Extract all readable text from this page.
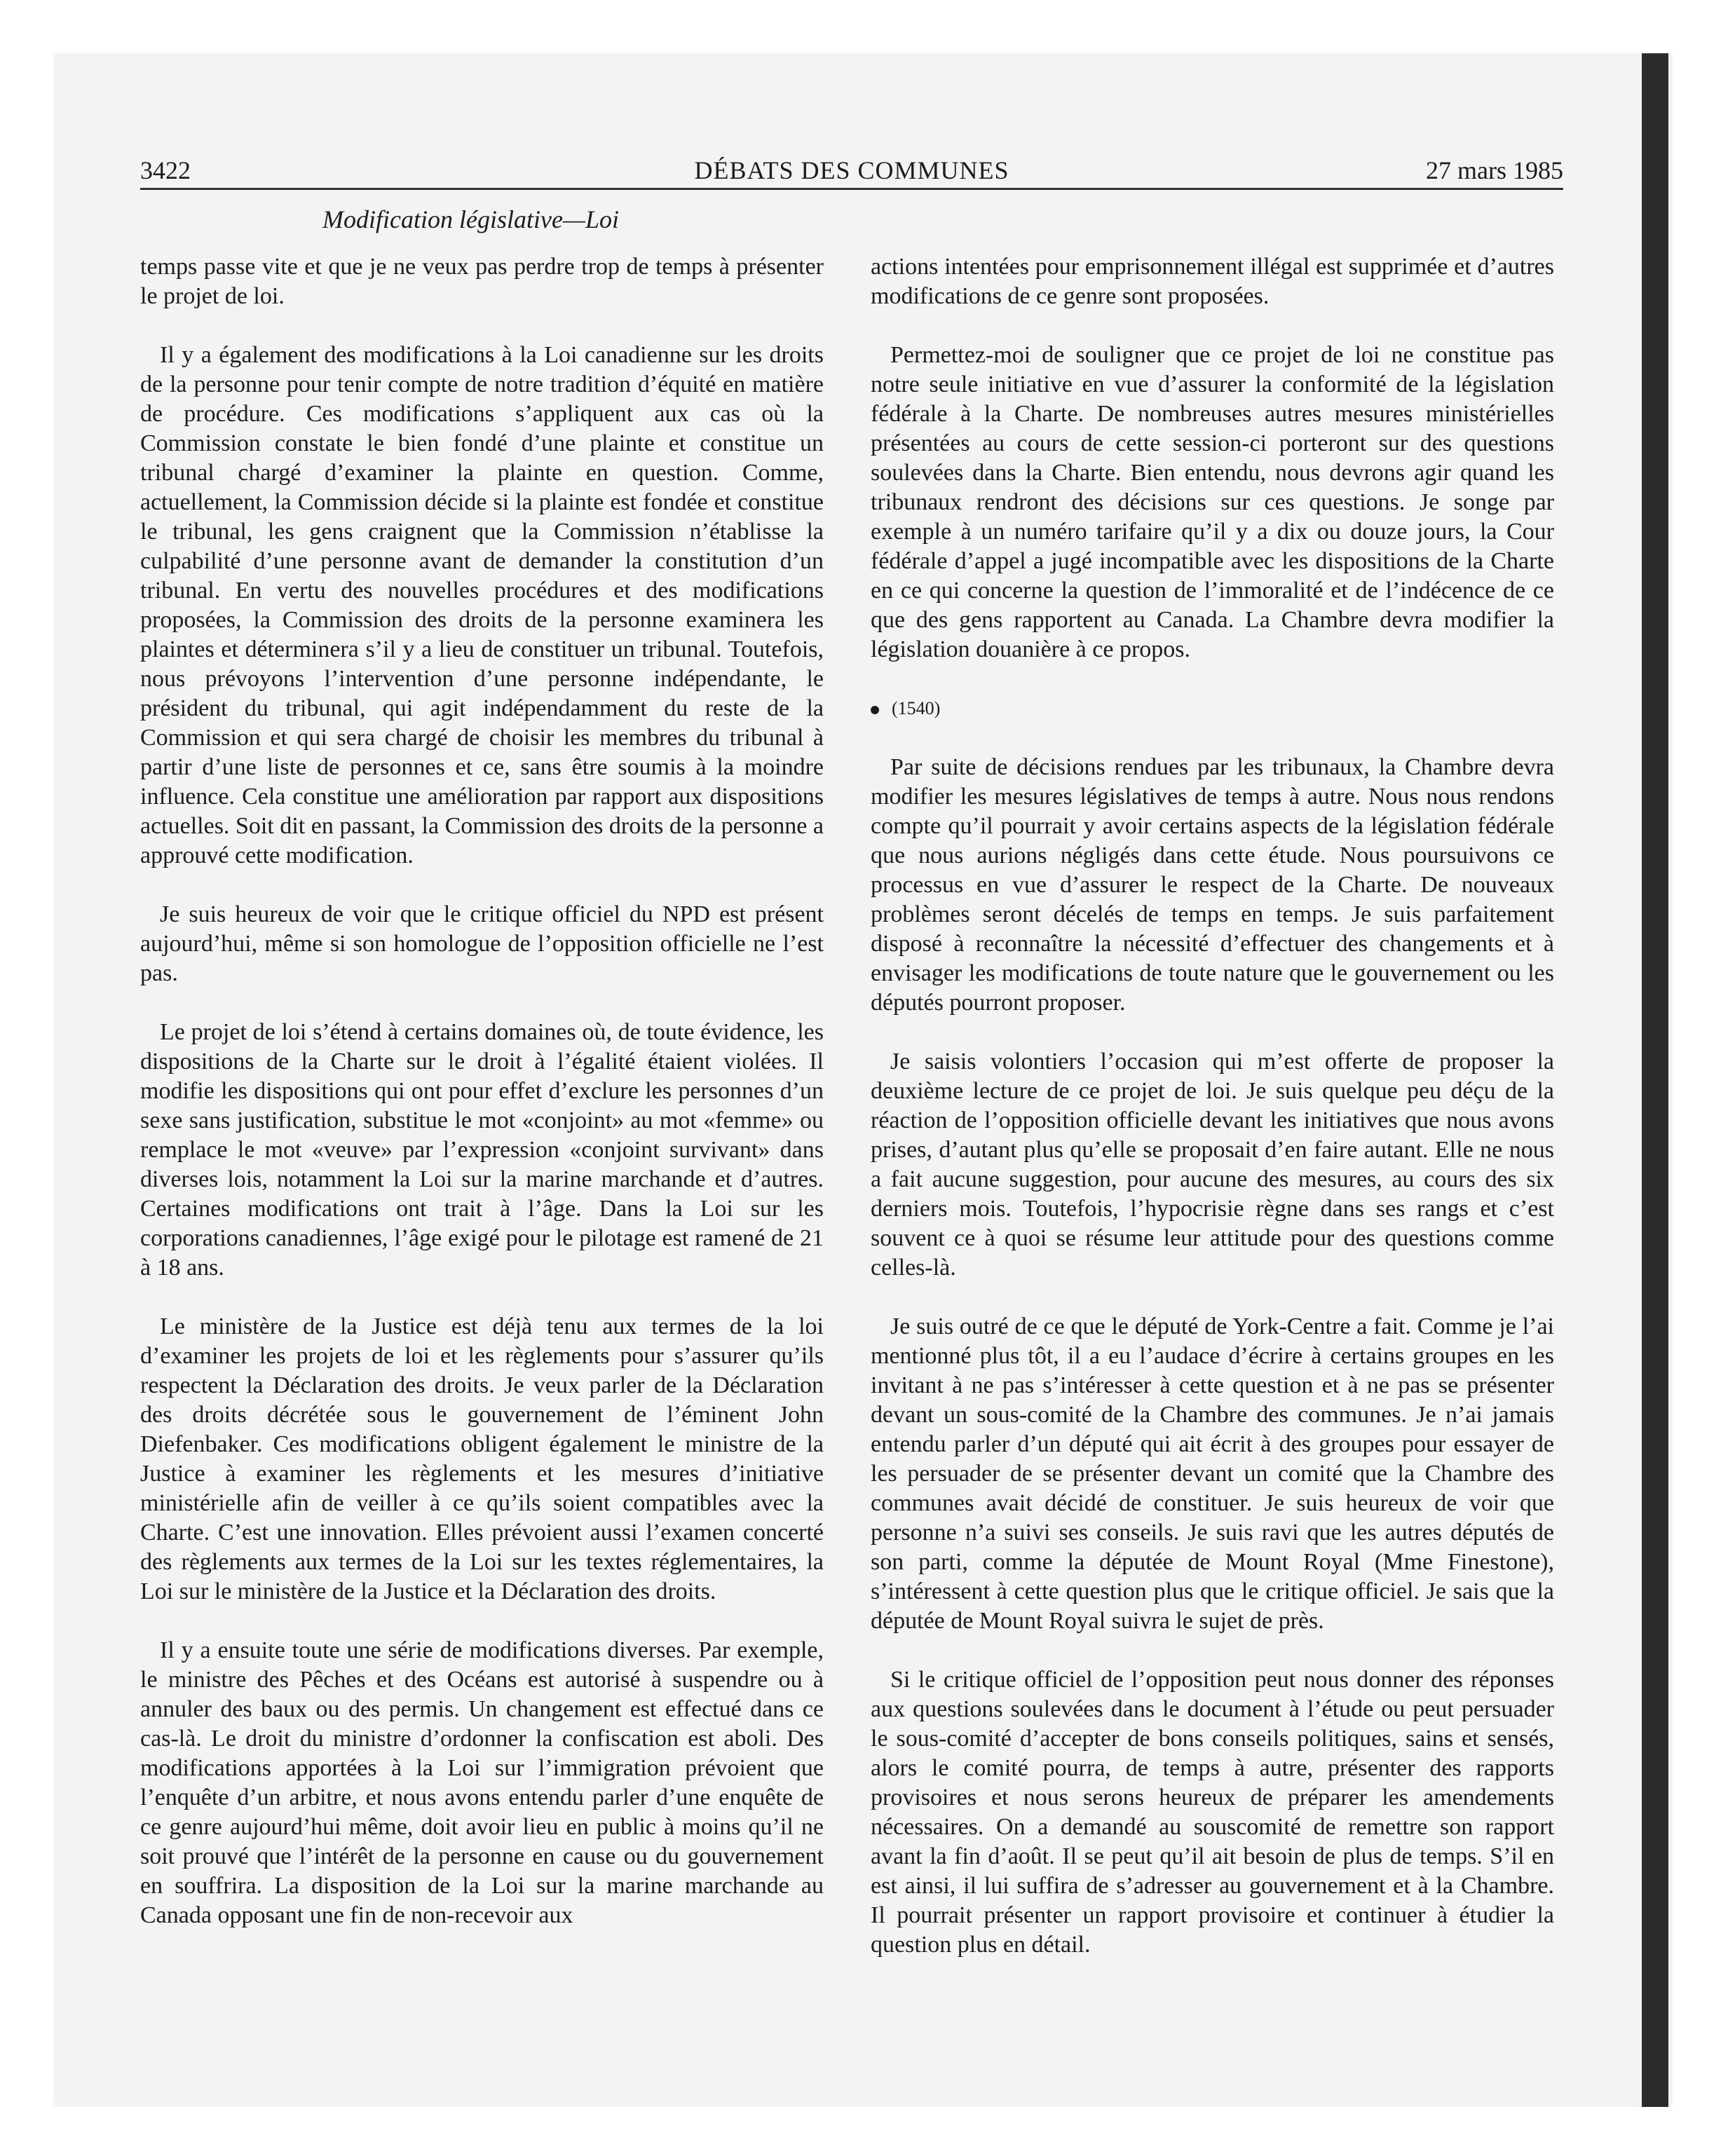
3422	DÉBATS DES COMMUNES	27 mars 1985
Modification législative—Loi

temps passe vite et que je ne veux pas perdre trop de temps à présenter le projet de loi.

Il y a également des modifications à la Loi canadienne sur les droits de la personne pour tenir compte de notre tradition d’équité en matière de procédure. Ces modifications s’appliquent aux cas où la Commission constate le bien fondé d’une plainte et constitue un tribunal chargé d’examiner la plainte en question. Comme, actuellement, la Commission décide si la plainte est fondée et constitue le tribunal, les gens craignent que la Commission n’établisse la culpabilité d’une personne avant de demander la constitution d’un tribunal. En vertu des nouvelles procédures et des modifications proposées, la Commission des droits de la personne examinera les plaintes et déterminera s’il y a lieu de constituer un tribunal. Toutefois, nous prévoyons l’intervention d’une personne indépendante, le président du tribunal, qui agit indépendamment du reste de la Commission et qui sera chargé de choisir les membres du tribunal à partir d’une liste de personnes et ce, sans être soumis à la moindre influence. Cela constitue une amélioration par rapport aux dispositions actuelles. Soit dit en passant, la Commission des droits de la personne a approuvé cette modification.

Je suis heureux de voir que le critique officiel du NPD est présent aujourd’hui, même si son homologue de l’opposition officielle ne l’est pas.

Le projet de loi s’étend à certains domaines où, de toute évidence, les dispositions de la Charte sur le droit à l’égalité étaient violées. Il modifie les dispositions qui ont pour effet d’exclure les personnes d’un sexe sans justification, substitue le mot «conjoint» au mot «femme» ou remplace le mot «veuve» par l’expression «conjoint survivant» dans diverses lois, notamment la Loi sur la marine marchande et d’autres. Certaines modifications ont trait à l’âge. Dans la Loi sur les corporations canadiennes, l’âge exigé pour le pilotage est ramené de 21 à 18 ans.

Le ministère de la Justice est déjà tenu aux termes de la loi d’examiner les projets de loi et les règlements pour s’assurer qu’ils respectent la Déclaration des droits. Je veux parler de la Déclaration des droits décrétée sous le gouvernement de l’éminent John Diefenbaker. Ces modifications obligent également le ministre de la Justice à examiner les règlements et les mesures d’initiative ministérielle afin de veiller à ce qu’ils soient compatibles avec la Charte. C’est une innovation. Elles prévoient aussi l’examen concerté des règlements aux termes de la Loi sur les textes réglementaires, la Loi sur le ministère de la Justice et la Déclaration des droits.

Il y a ensuite toute une série de modifications diverses. Par exemple, le ministre des Pêches et des Océans est autorisé à suspendre ou à annuler des baux ou des permis. Un changement est effectué dans ce cas-là. Le droit du ministre d’ordonner la confiscation est aboli. Des modifications apportées à la Loi sur l’immigration prévoient que l’enquête d’un arbitre, et nous avons entendu parler d’une enquête de ce genre aujourd’hui même, doit avoir lieu en public à moins qu’il ne soit prouvé que l’intérêt de la personne en cause ou du gouvernement en souffrira. La disposition de la Loi sur la marine marchande au Canada opposant une fin de non-recevoir aux

actions intentées pour emprisonnement illégal est supprimée et d’autres modifications de ce genre sont proposées.

Permettez-moi de souligner que ce projet de loi ne constitue pas notre seule initiative en vue d’assurer la conformité de la législation fédérale à la Charte. De nombreuses autres mesures ministérielles présentées au cours de cette session-ci porteront sur des questions soulevées dans la Charte. Bien entendu, nous devrons agir quand les tribunaux rendront des décisions sur ces questions. Je songe par exemple à un numéro tarifaire qu’il y a dix ou douze jours, la Cour fédérale d’appel a jugé incompatible avec les dispositions de la Charte en ce qui concerne la question de l’immoralité et de l’indécence de ce que des gens rapportent au Canada. La Chambre devra modifier la législation douanière à ce propos.

(1540)

Par suite de décisions rendues par les tribunaux, la Chambre devra modifier les mesures législatives de temps à autre. Nous nous rendons compte qu’il pourrait y avoir certains aspects de la législation fédérale que nous aurions négligés dans cette étude. Nous poursuivons ce processus en vue d’assurer le respect de la Charte. De nouveaux problèmes seront décelés de temps en temps. Je suis parfaitement disposé à reconnaître la nécessité d’effectuer des changements et à envisager les modifications de toute nature que le gouvernement ou les députés pourront proposer.

Je saisis volontiers l’occasion qui m’est offerte de proposer la deuxième lecture de ce projet de loi. Je suis quelque peu déçu de la réaction de l’opposition officielle devant les initiatives que nous avons prises, d’autant plus qu’elle se proposait d’en faire autant. Elle ne nous a fait aucune suggestion, pour aucune des mesures, au cours des six derniers mois. Toutefois, l’hypocrisie règne dans ses rangs et c’est souvent ce à quoi se résume leur attitude pour des questions comme celles-là.

Je suis outré de ce que le député de York-Centre a fait. Comme je l’ai mentionné plus tôt, il a eu l’audace d’écrire à certains groupes en les invitant à ne pas s’intéresser à cette question et à ne pas se présenter devant un sous-comité de la Chambre des communes. Je n’ai jamais entendu parler d’un député qui ait écrit à des groupes pour essayer de les persuader de se présenter devant un comité que la Chambre des communes avait décidé de constituer. Je suis heureux de voir que personne n’a suivi ses conseils. Je suis ravi que les autres députés de son parti, comme la députée de Mount Royal (Mme Finestone), s’intéressent à cette question plus que le critique officiel. Je sais que la députée de Mount Royal suivra le sujet de près.

Si le critique officiel de l’opposition peut nous donner des réponses aux questions soulevées dans le document à l’étude ou peut persuader le sous-comité d’accepter de bons conseils politiques, sains et sensés, alors le comité pourra, de temps à autre, présenter des rapports provisoires et nous serons heureux de préparer les amendements nécessaires. On a demandé au souscomité de remettre son rapport avant la fin d’août. Il se peut qu’il ait besoin de plus de temps. S’il en est ainsi, il lui suffira de s’adresser au gouvernement et à la Chambre. Il pourrait présenter un rapport provisoire et continuer à étudier la question plus en détail.
